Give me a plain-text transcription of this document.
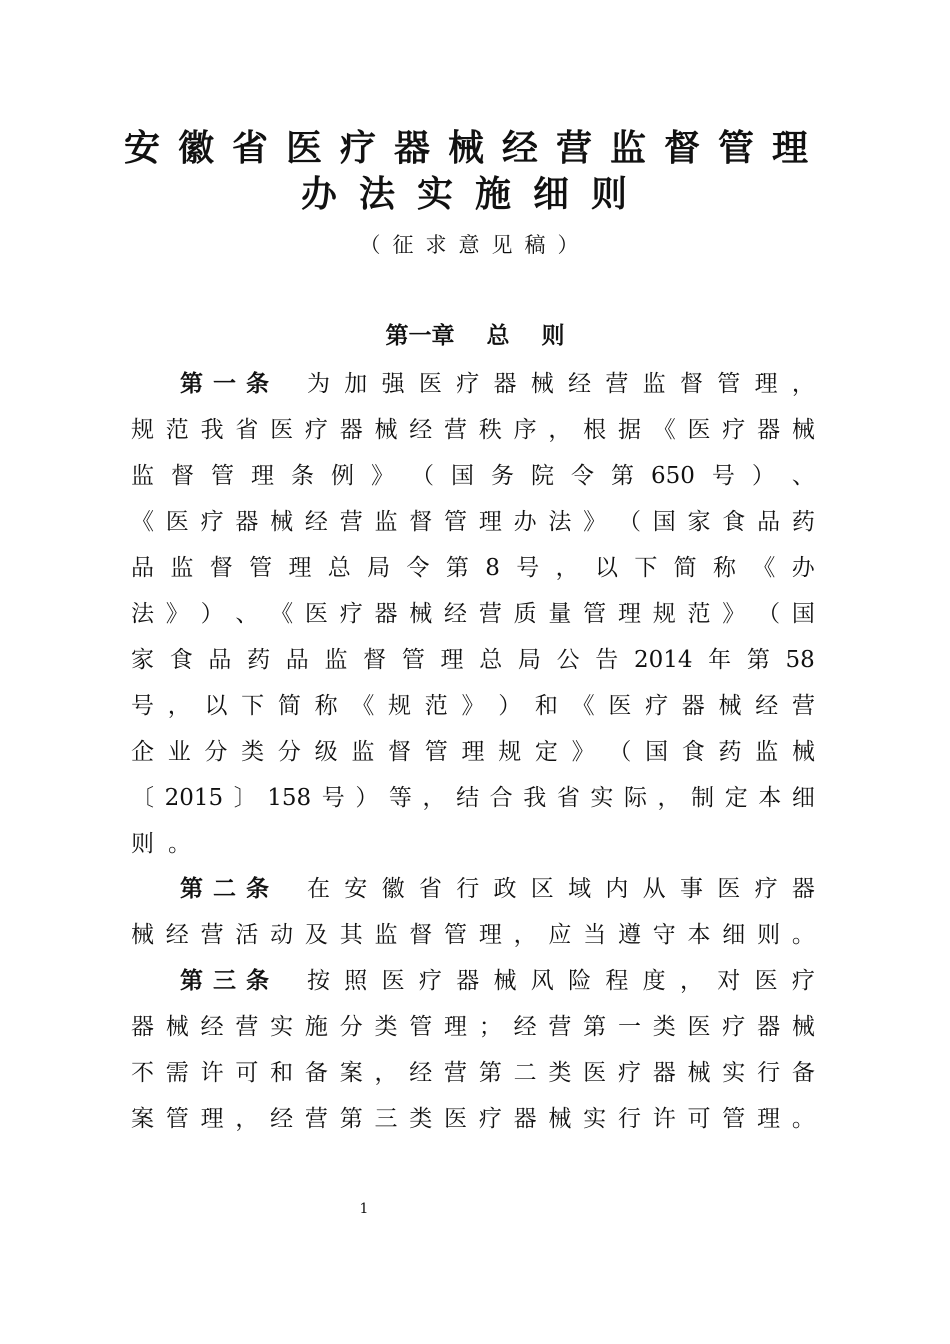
安徽省医疗器械经营监督管理
办法实施细则
（征求意见稿）
第一章    总    则
第一条 为 加 强 医 疗 器 械 经 营 监 督 管 理 ，
规 范 我 省 医 疗 器 械 经 营 秩 序 ， 根 据 《 医 疗 器 械
监 督 管 理 条 例 》 （ 国 务 院 令 第 650 号 ） 、
《 医 疗 器 械 经 营 监 督 管 理 办 法 》 （ 国 家 食 品 药
品 监 督 管 理 总 局 令 第 8 号 ， 以 下 简 称 《 办
法 》 ） 、 《 医 疗 器 械 经 营 质 量 管 理 规 范 》 （ 国
家 食 品 药 品 监 督 管 理 总 局 公 告 2014 年 第 58
号 ， 以 下 简 称 《 规 范 》 ） 和 《 医 疗 器 械 经 营
企 业 分 类 分 级 监 督 管 理 规 定 》 （ 国 食 药 监 械
〔 2015 〕 158 号 ） 等 ， 结 合 我 省 实 际 ， 制 定 本 细
则 。
第二条 在 安 徽 省 行 政 区 域 内 从 事 医 疗 器
械 经 营 活 动 及 其 监 督 管 理 ， 应 当 遵 守 本 细 则 。
第三条 按 照 医 疗 器 械 风 险 程 度 ， 对 医 疗
器 械 经 营 实 施 分 类 管 理 ； 经 营 第 一 类 医 疗 器 械
不 需 许 可 和 备 案 ， 经 营 第 二 类 医 疗 器 械 实 行 备
案 管 理 ， 经 营 第 三 类 医 疗 器 械 实 行 许 可 管 理 。
1
